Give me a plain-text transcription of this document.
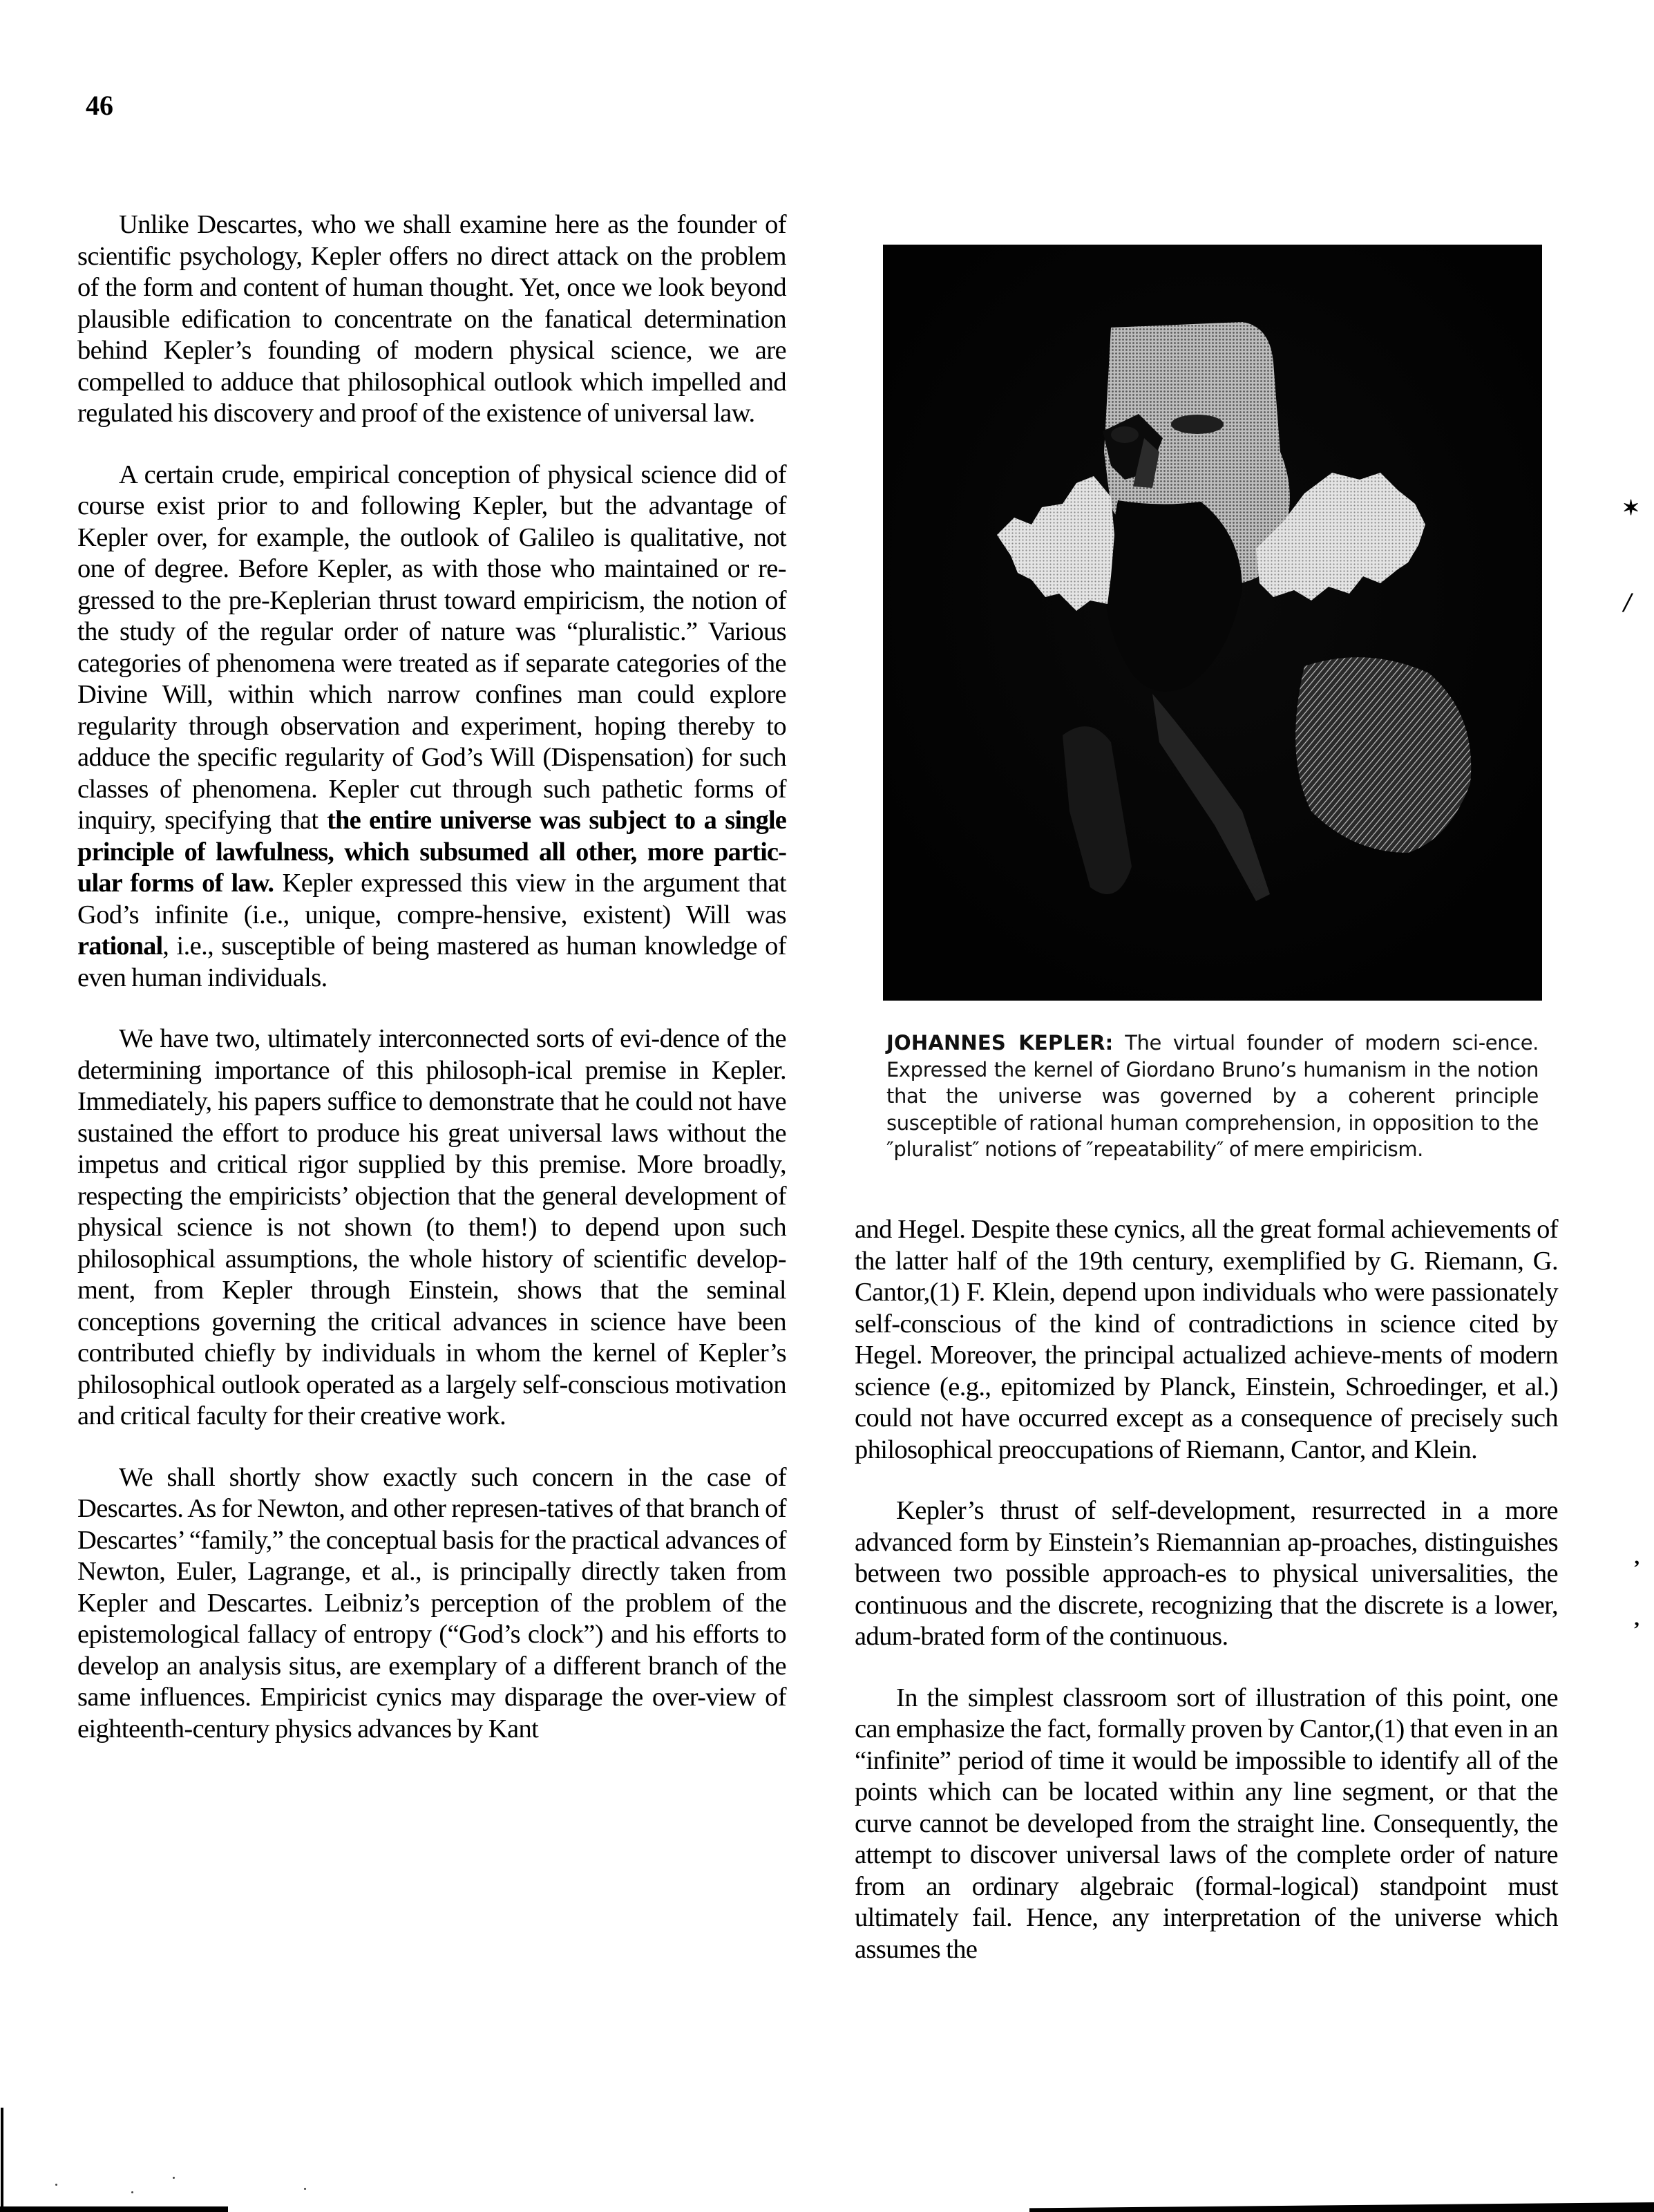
46

Unlike Descartes, who we shall examine here as the founder of scientific psychology, Kepler offers no direct attack on the problem of the form and content of human thought. Yet, once we look beyond plausible edification to concentrate on the fanatical determination behind Kepler’s founding of modern physical science, we are compelled to adduce that philosophical outlook which impelled and regulated his discovery and proof of the existence of universal law.

A certain crude, empirical conception of physical science did of course exist prior to and following Kepler, but the advantage of Kepler over, for example, the outlook of Galileo is qualitative, not one of degree. Before Kepler, as with those who maintained or re-gressed to the pre-Keplerian thrust toward empiricism, the notion of the study of the regular order of nature was “pluralistic.” Various categories of phenomena were treated as if separate categories of the Divine Will, within which narrow confines man could explore regularity through observation and experiment, hoping thereby to adduce the specific regularity of God’s Will (Dispensation) for such classes of phenomena. Kepler cut through such pathetic forms of inquiry, specifying that the entire universe was subject to a single principle of lawfulness, which subsumed all other, more partic-ular forms of law. Kepler expressed this view in the argument that God’s infinite (i.e., unique, compre-hensive, existent) Will was rational, i.e., susceptible of being mastered as human knowledge of even human individuals.

We have two, ultimately interconnected sorts of evi-dence of the determining importance of this philosoph-ical premise in Kepler. Immediately, his papers suffice to demonstrate that he could not have sustained the effort to produce his great universal laws without the impetus and critical rigor supplied by this premise. More broadly, respecting the empiricists’ objection that the general development of physical science is not shown (to them!) to depend upon such philosophical assumptions, the whole history of scientific develop-ment, from Kepler through Einstein, shows that the seminal conceptions governing the critical advances in science have been contributed chiefly by individuals in whom the kernel of Kepler’s philosophical outlook operated as a largely self-conscious motivation and critical faculty for their creative work.

We shall shortly show exactly such concern in the case of Descartes. As for Newton, and other represen-tatives of that branch of Descartes’ “family,” the conceptual basis for the practical advances of Newton, Euler, Lagrange, et al., is principally directly taken from Kepler and Descartes. Leibniz’s perception of the problem of the epistemological fallacy of entropy (“God’s clock”) and his efforts to develop an analysis situs, are exemplary of a different branch of the same influences. Empiricist cynics may disparage the over-view of eighteenth-century physics advances by Kant

JOHANNES KEPLER: The virtual founder of modern sci-ence. Expressed the kernel of Giordano Bruno’s humanism in the notion that the universe was governed by a coherent principle susceptible of rational human comprehension, in opposition to the ″pluralist″ notions of ″repeatability″ of mere empiricism.

and Hegel. Despite these cynics, all the great formal achievements of the latter half of the 19th century, exemplified by G. Riemann, G. Cantor,(1) F. Klein, depend upon individuals who were passionately self-conscious of the kind of contradictions in science cited by Hegel. Moreover, the principal actualized achieve-ments of modern science (e.g., epitomized by Planck, Einstein, Schroedinger, et al.) could not have occurred except as a consequence of precisely such philosophical preoccupations of Riemann, Cantor, and Klein.

Kepler’s thrust of self-development, resurrected in a more advanced form by Einstein’s Riemannian ap-proaches, distinguishes between two possible approach-es to physical universalities, the continuous and the discrete, recognizing that the discrete is a lower, adum-brated form of the continuous.

In the simplest classroom sort of illustration of this point, one can emphasize the fact, formally proven by Cantor,(1) that even in an “infinite” period of time it would be impossible to identify all of the points which can be located within any line segment, or that the curve cannot be developed from the straight line. Consequently, the attempt to discover universal laws of the complete order of nature from an ordinary algebraic (formal-logical) standpoint must ultimately fail. Hence, any interpretation of the universe which assumes the

✶
/
’
‚
